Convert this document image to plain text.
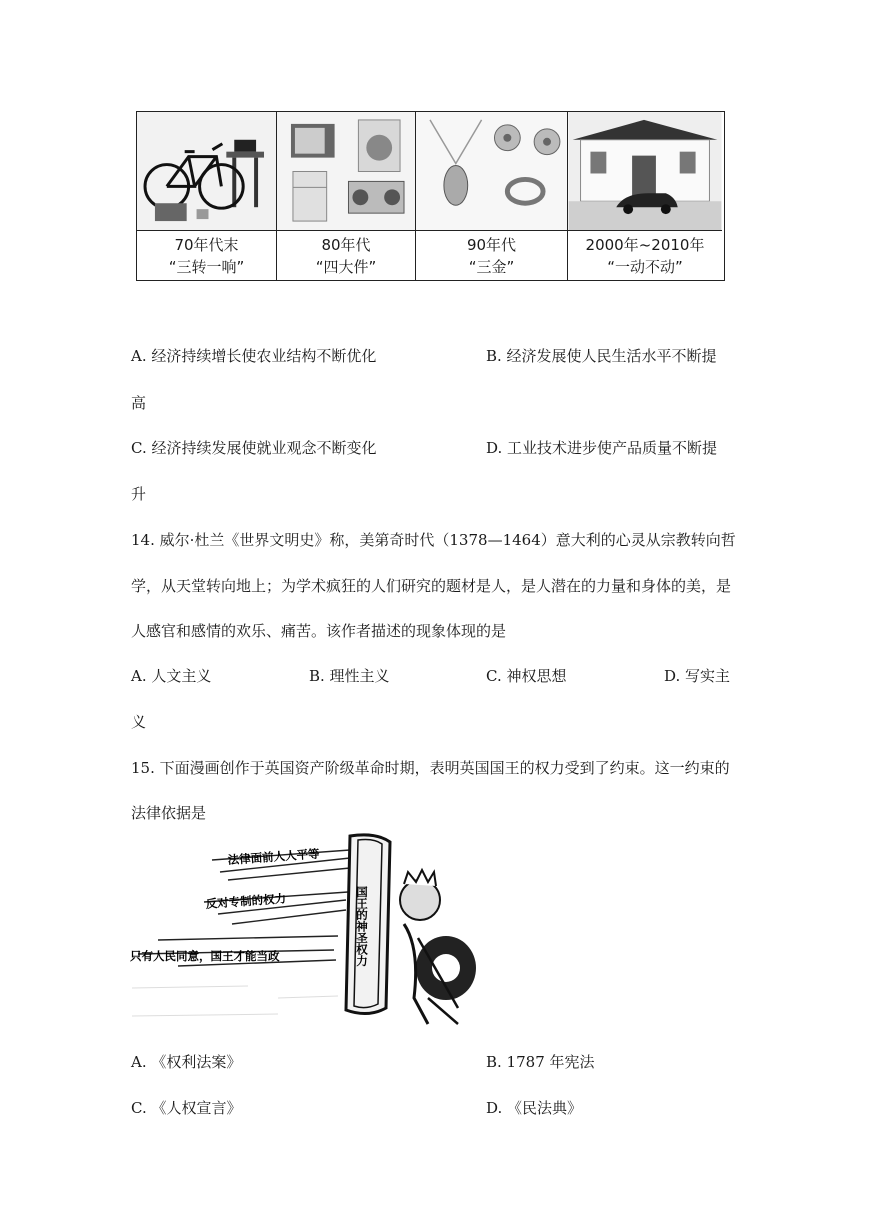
70年代末
“三转一响”
80年代
“四大件”
90年代
“三金”
2000年~2010年
“一动不动”
A. 经济持续增长使农业结构不断优化	B. 经济发展使人民生活水平不断提
高
C. 经济持续发展使就业观念不断变化	D. 工业技术进步使产品质量不断提
升
14. 威尔·杜兰《世界文明史》称，美第奇时代（1378—1464）意大利的心灵从宗教转向哲
学，从天堂转向地上；为学术疯狂的人们研究的题材是人，是人潜在的力量和身体的美，是
人感官和感情的欢乐、痛苦。该作者描述的现象体现的是
A. 人文主义	B. 理性主义	C. 神权思想	D. 写实主
义
15. 下面漫画创作于英国资产阶级革命时期，表明英国国王的权力受到了约束。这一约束的
法律依据是
法律面前人人平等
反对专制的权力
只有人民同意，国王才能当政	国王的神圣权力
A. 《权利法案》	B. 1787 年宪法
C. 《人权宣言》	D. 《民法典》
